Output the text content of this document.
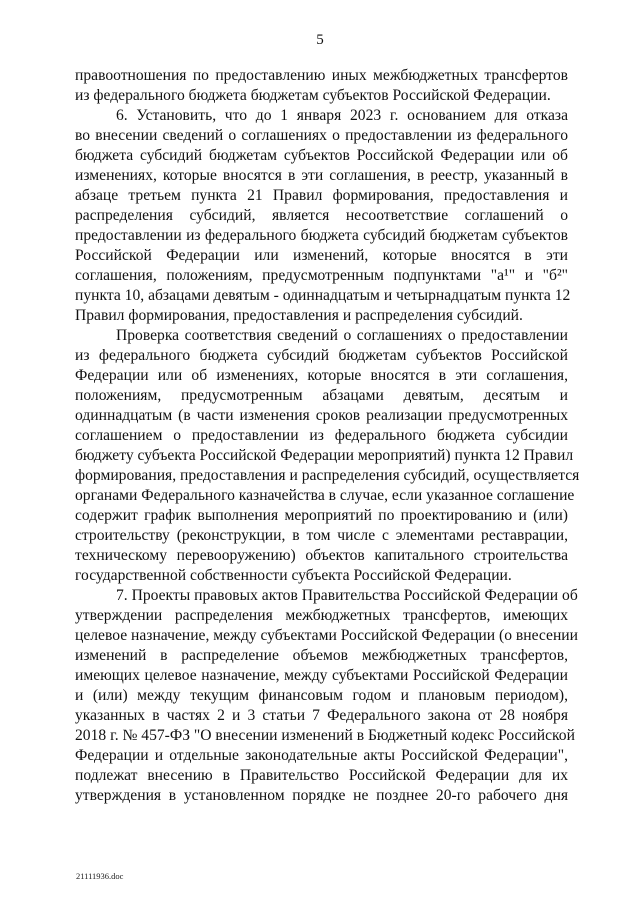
5
правоотношения по предоставлению иных межбюджетных трансфертов
из федерального бюджета бюджетам субъектов Российской Федерации.
6. Установить, что до 1 января 2023 г. основанием для отказа
во внесении сведений о соглашениях о предоставлении из федерального
бюджета субсидий бюджетам субъектов Российской Федерации или об
изменениях, которые вносятся в эти соглашения, в реестр, указанный в
абзаце третьем пункта 21 Правил формирования, предоставления и
распределения субсидий, является несоответствие соглашений о
предоставлении из федерального бюджета субсидий бюджетам субъектов
Российской Федерации или изменений, которые вносятся в эти
соглашения, положениям, предусмотренным подпунктами "а¹" и "б²"
пункта 10, абзацами девятым - одиннадцатым и четырнадцатым пункта 12
Правил формирования, предоставления и распределения субсидий.
Проверка соответствия сведений о соглашениях о предоставлении
из федерального бюджета субсидий бюджетам субъектов Российской
Федерации или об изменениях, которые вносятся в эти соглашения,
положениям, предусмотренным абзацами девятым, десятым и
одиннадцатым (в части изменения сроков реализации предусмотренных
соглашением о предоставлении из федерального бюджета субсидии
бюджету субъекта Российской Федерации мероприятий) пункта 12 Правил
формирования, предоставления и распределения субсидий, осуществляется
органами Федерального казначейства в случае, если указанное соглашение
содержит график выполнения мероприятий по проектированию и (или)
строительству (реконструкции, в том числе с элементами реставрации,
техническому перевооружению) объектов капитального строительства
государственной собственности субъекта Российской Федерации.
7. Проекты правовых актов Правительства Российской Федерации об
утверждении распределения межбюджетных трансфертов, имеющих
целевое назначение, между субъектами Российской Федерации (о внесении
изменений в распределение объемов межбюджетных трансфертов,
имеющих целевое назначение, между субъектами Российской Федерации
и (или) между текущим финансовым годом и плановым периодом),
указанных в частях 2 и 3 статьи 7 Федерального закона от 28 ноября
2018 г. № 457-ФЗ "О внесении изменений в Бюджетный кодекс Российской
Федерации и отдельные законодательные акты Российской Федерации",
подлежат внесению в Правительство Российской Федерации для их
утверждения в установленном порядке не позднее 20-го рабочего дня
21111936.doc
